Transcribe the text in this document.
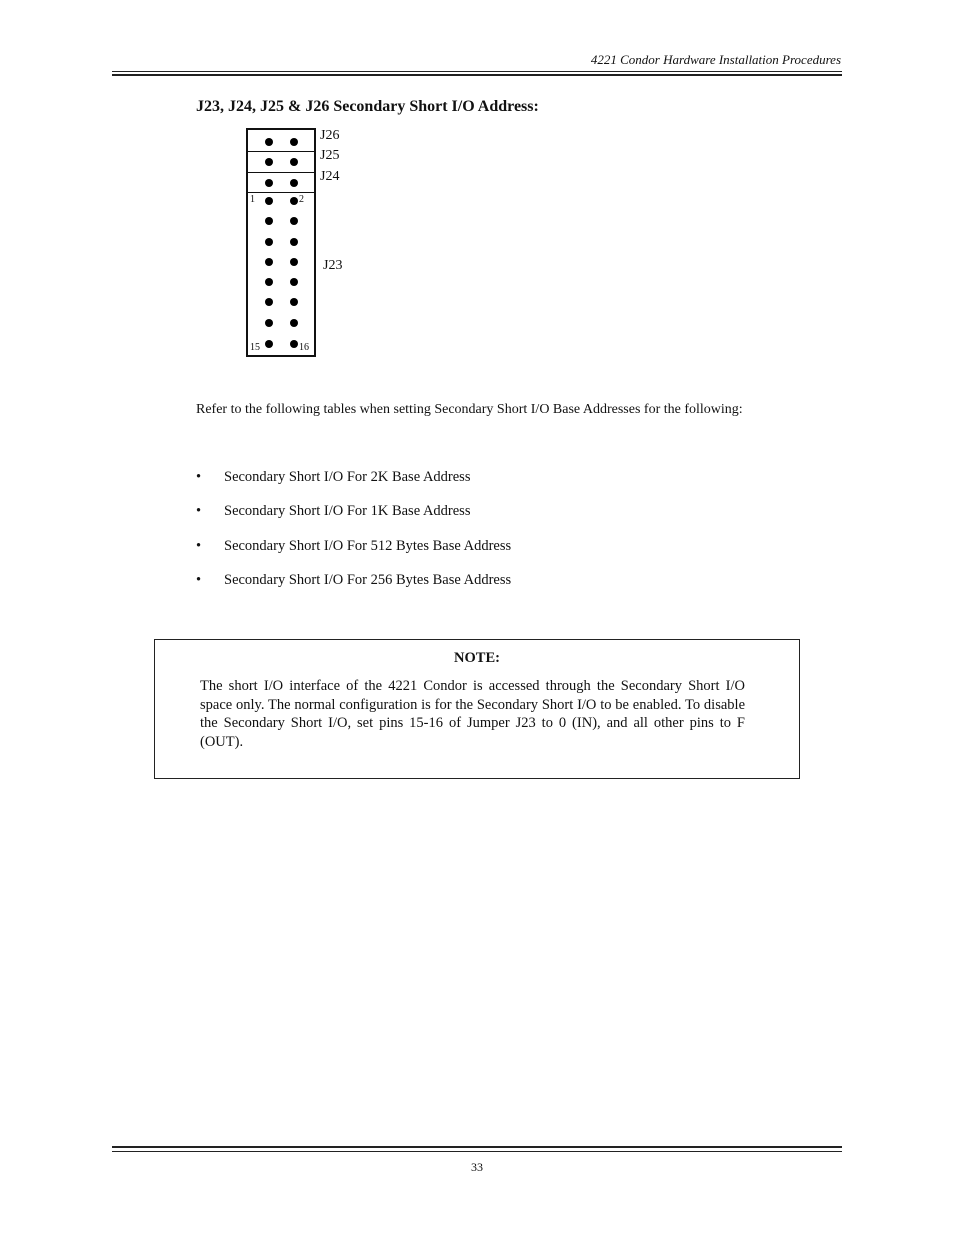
4221 Condor Hardware Installation Procedures
J23, J24, J25 & J26 Secondary Short I/O Address:
1	2
15	16
J26
J25
J24
J23
Refer to the following tables when setting Secondary Short I/O Base Addresses for the following:
• Secondary Short I/O For 2K Base Address
• Secondary Short I/O For 1K Base Address
• Secondary Short I/O For 512 Bytes Base Address
• Secondary Short I/O For 256 Bytes Base Address
NOTE:
The short I/O interface of the 4221 Condor is accessed through the Secondary Short I/O space only. The normal configuration is for the Secondary Short I/O to be enabled. To disable the Secondary Short I/O, set pins 15-16 of Jumper J23 to 0 (IN), and all other pins to F (OUT).
33
